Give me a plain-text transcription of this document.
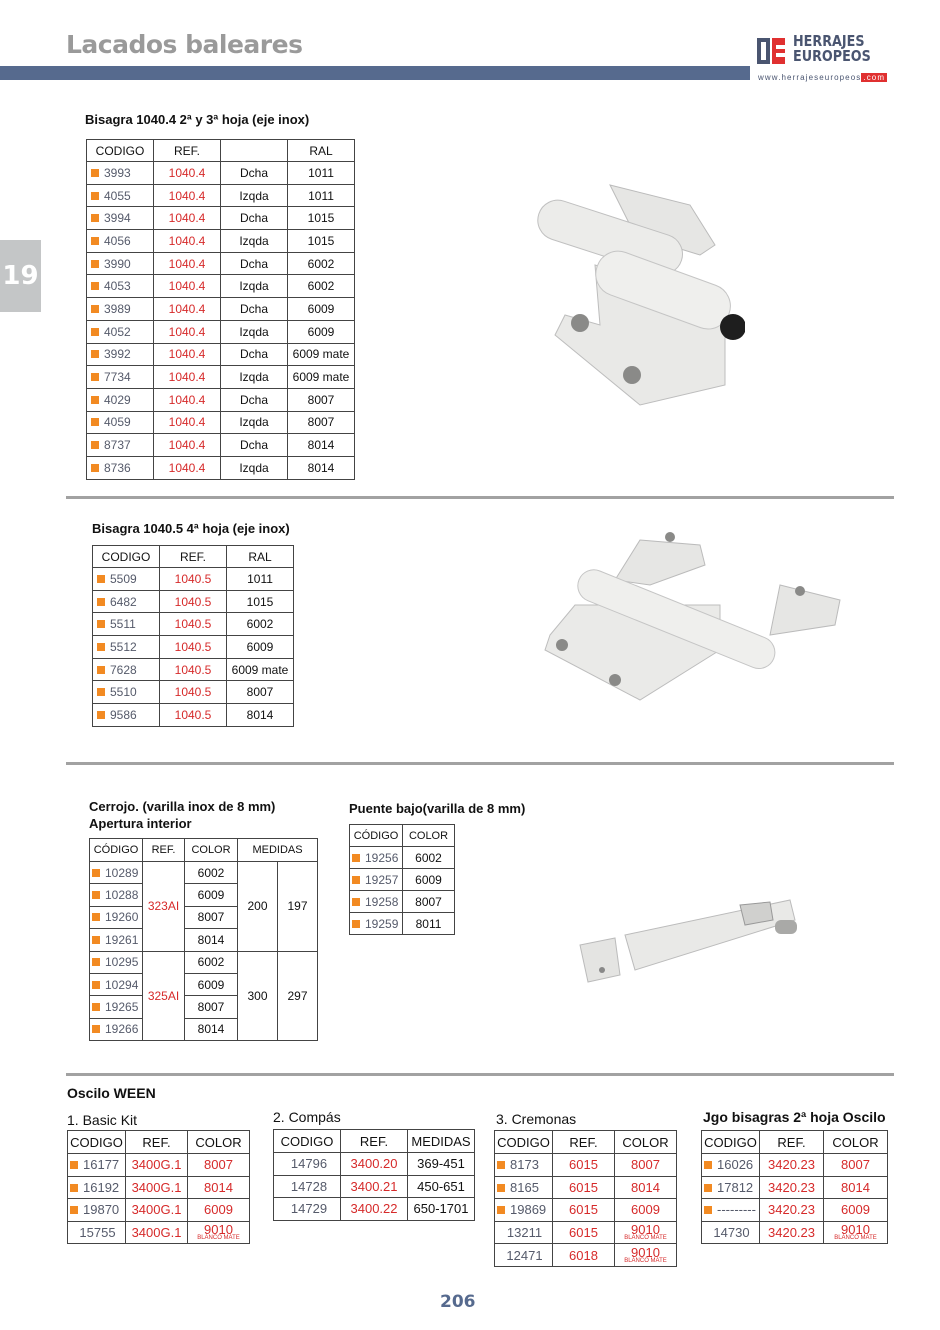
Lacados baleares	HERRAJES
EUROPEOS
www.herrajeseuropeos .com
19
Bisagra 1040.4 2ª y 3ª hoja (eje inox)
CODIGO	REF.		RAL
3993	1040.4	Dcha	1011
4055	1040.4	Izqda	1011
3994	1040.4	Dcha	1015
4056	1040.4	Izqda	1015
3990	1040.4	Dcha	6002
4053	1040.4	Izqda	6002
3989	1040.4	Dcha	6009
4052	1040.4	Izqda	6009
3992	1040.4	Dcha	6009 mate
7734	1040.4	Izqda	6009 mate
4029	1040.4	Dcha	8007
4059	1040.4	Izqda	8007
8737	1040.4	Dcha	8014
8736	1040.4	Izqda	8014
Bisagra 1040.5 4ª hoja (eje inox)
CODIGO	REF.	RAL
5509	1040.5	1011
6482	1040.5	1015
5511	1040.5	6002
5512	1040.5	6009
7628	1040.5	6009 mate
5510	1040.5	8007
9586	1040.5	8014
Cerrojo. (varilla inox de 8 mm)
Apertura interior
CÓDIGO	REF.	COLOR	MEDIDAS	
10289	323AI	6002	200	197
10288		6009		
19260		8007		
19261		8014		
10295	325AI	6002	300	297
10294		6009		
19265		8007		
19266		8014		
Puente bajo(varilla de 8 mm)
CÓDIGO	COLOR
19256	6002
19257	6009
19258	8007
19259	8011
Oscilo WEEN
1. Basic Kit
CODIGO	REF.	COLOR
16177	3400G.1	8007
16192	3400G.1	8014
19870	3400G.1	6009
15755	3400G.1	9010
BLANCO MATE
2. Compás
CODIGO	REF.	MEDIDAS
14796	3400.20	369-451
14728	3400.21	450-651
14729	3400.22	650-1701
3. Cremonas
CODIGO	REF.	COLOR
8173	6015	8007
8165	6015	8014
19869	6015	6009
13211	6015	9010
BLANCO MATE

12471	6018	9010
BLANCO MATE
Jgo bisagras 2ª hoja Oscilo
CODIGO	REF.	COLOR
16026	3420.23	8007
17812	3420.23	8014
---------	3420.23	6009
14730	3420.23	9010
BLANCO MATE
206
